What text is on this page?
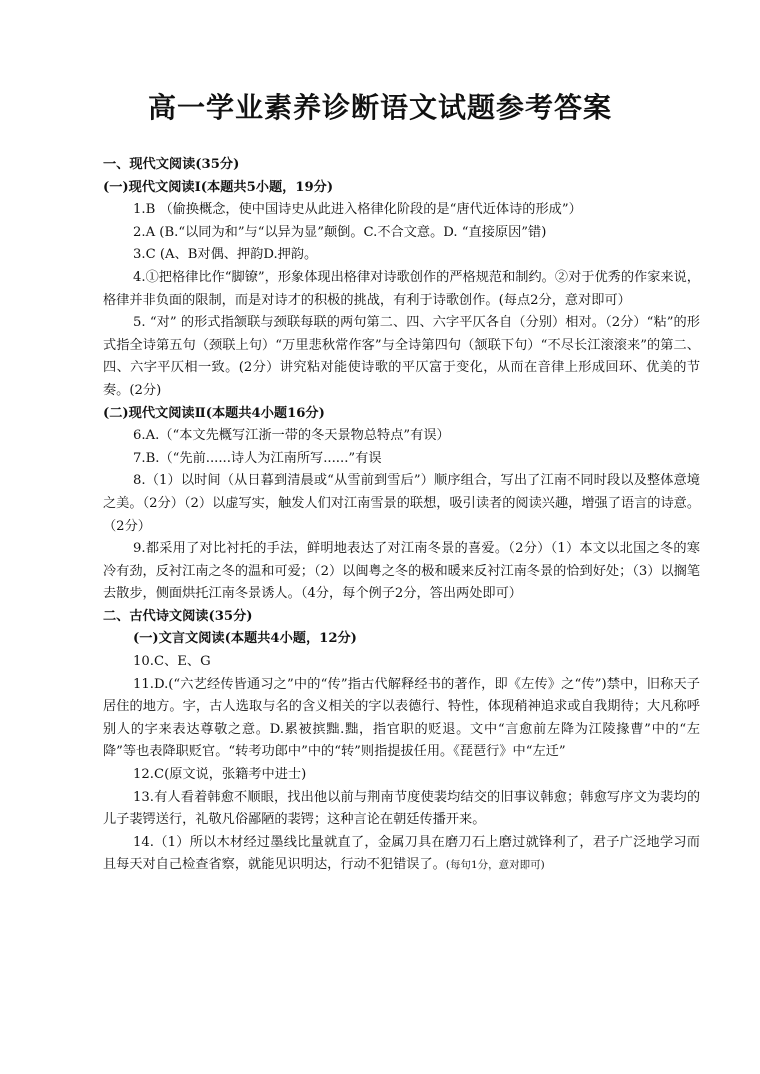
高一学业素养诊断语文试题参考答案

一、现代文阅读(35分)

(一)现代文阅读Ⅰ(本题共5小题，19分)

1.B （偷换概念，使中国诗史从此进入格律化阶段的是“唐代近体诗的形成”）

2.A (B.“以同为和”与“以异为显”颠倒。C.不合文意。D. “直接原因”错)

3.C (A、B对偶、押韵D.押韵。

4.①把格律比作“脚镣”，形象体现出格律对诗歌创作的严格规范和制约。②对于优秀的作家来说，格律并非负面的限制，而是对诗才的积极的挑战，有利于诗歌创作。(每点2分，意对即可）

5. “对” 的形式指颔联与颈联每联的两句第二、四、六字平仄各自（分别）相对。（2分）“粘”的形式指全诗第五句（颈联上句）“万里悲秋常作客”与全诗第四句（颔联下句）“不尽长江滚滚来”的第二、四、六字平仄相一致。(2分）讲究粘对能使诗歌的平仄富于变化，从而在音律上形成回环、优美的节奏。(2分)

(二)现代文阅读Ⅱ(本题共4小题16分)

6.A.（“本文先概写江浙一带的冬天景物总特点”有误）

7.B.（“先前......诗人为江南所写......”有误

8.（1）以时间（从日暮到清晨或“从雪前到雪后”）顺序组合，写出了江南不同时段以及整体意境之美。（2分）（2）以虚写实，触发人们对江南雪景的联想，吸引读者的阅读兴趣，增强了语言的诗意。（2分）

9.都采用了对比衬托的手法，鲜明地表达了对江南冬景的喜爱。（2分）（1）本文以北国之冬的寒冷有劲，反衬江南之冬的温和可爱；（2）以闽粤之冬的极和暖来反衬江南冬景的恰到好处；（3）以搁笔去散步，侧面烘托江南冬景诱人。（4分，每个例子2分，答出两处即可）

二、古代诗文阅读(35分)

(一)文言文阅读(本题共4小题，12分)

10.C、E、G

11.D.(“六艺经传皆通习之”中的“传”指古代解释经书的著作，即《左传》之“传”)禁中，旧称天子居住的地方。字，古人选取与名的含义相关的字以表德行、特性，体现稍神追求或自我期待；大凡称呼别人的字来表达尊敬之意。D.累被摈黜.黜，指官职的贬退。文中“言愈前左降为江陵掾曹”中的“左降”等也表降职贬官。“转考功郎中”中的“转”则指提拔任用。《琵琶行》中“左迁”

12.C(原文说，张籍考中进士)

13.有人看着韩愈不顺眼，找出他以前与荆南节度使裴均结交的旧事议韩愈；韩愈写序文为裴均的儿子裴锷送行，礼敬凡俗鄙陋的裴锷；这种言论在朝廷传播开来。

14.（1）所以木材经过墨线比量就直了，金属刀具在磨刀石上磨过就锋利了，君子广泛地学习而且每天对自己检查省察，就能见识明达，行动不犯错误了。(每句1分，意对即可)
